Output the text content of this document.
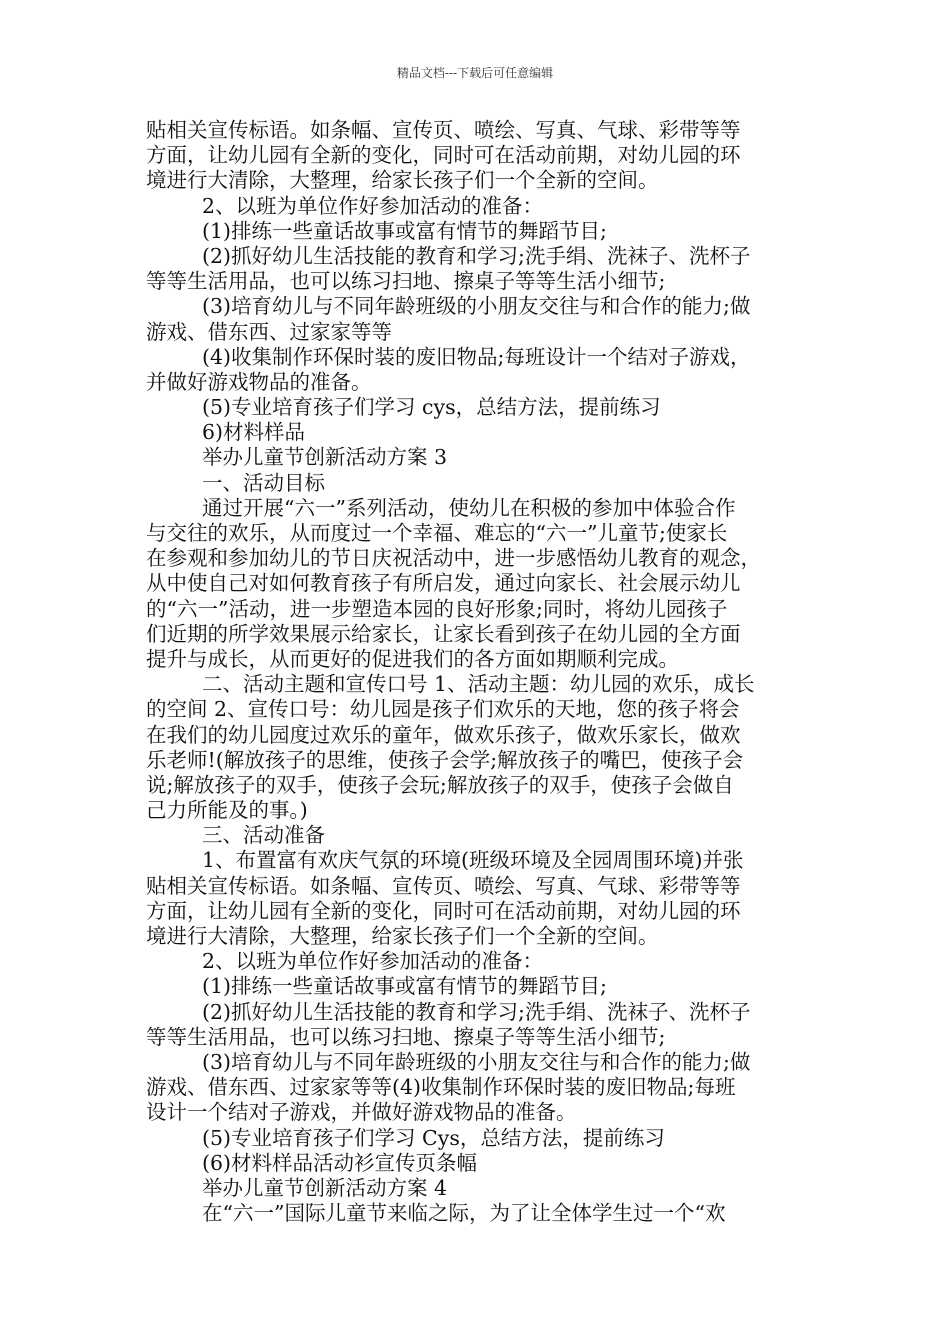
精品文档---下载后可任意编辑
贴相关宣传标语。如条幅、宣传页、喷绘、写真、气球、彩带等等
方面，让幼儿园有全新的变化，同时可在活动前期，对幼儿园的环
境进行大清除，大整理，给家长孩子们一个全新的空间。
2、以班为单位作好参加活动的准备：
(1)排练一些童话故事或富有情节的舞蹈节目;
(2)抓好幼儿生活技能的教育和学习;洗手绢、洗袜子、洗杯子
等等生活用品，也可以练习扫地、擦桌子等等生活小细节;
(3)培育幼儿与不同年龄班级的小朋友交往与和合作的能力;做
游戏、借东西、过家家等等
(4)收集制作环保时装的废旧物品;每班设计一个结对子游戏，
并做好游戏物品的准备。
(5)专业培育孩子们学习 cys，总结方法，提前练习
6)材料样品
举办儿童节创新活动方案 3
一、活动目标
通过开展“六一”系列活动，使幼儿在积极的参加中体验合作
与交往的欢乐，从而度过一个幸福、难忘的“六一”儿童节;使家长
在参观和参加幼儿的节日庆祝活动中，进一步感悟幼儿教育的观念，
从中使自己对如何教育孩子有所启发，通过向家长、社会展示幼儿
的“六一”活动，进一步塑造本园的良好形象;同时，将幼儿园孩子
们近期的所学效果展示给家长，让家长看到孩子在幼儿园的全方面
提升与成长，从而更好的促进我们的各方面如期顺利完成。
二、活动主题和宣传口号 1、活动主题：幼儿园的欢乐，成长
的空间 2、宣传口号：幼儿园是孩子们欢乐的天地，您的孩子将会
在我们的幼儿园度过欢乐的童年，做欢乐孩子，做欢乐家长，做欢
乐老师!(解放孩子的思维，使孩子会学;解放孩子的嘴巴，使孩子会
说;解放孩子的双手，使孩子会玩;解放孩子的双手，使孩子会做自
己力所能及的事。)
三、活动准备
1、布置富有欢庆气氛的环境(班级环境及全园周围环境)并张
贴相关宣传标语。如条幅、宣传页、喷绘、写真、气球、彩带等等
方面，让幼儿园有全新的变化，同时可在活动前期，对幼儿园的环
境进行大清除，大整理，给家长孩子们一个全新的空间。
2、以班为单位作好参加活动的准备：
(1)排练一些童话故事或富有情节的舞蹈节目;
(2)抓好幼儿生活技能的教育和学习;洗手绢、洗袜子、洗杯子
等等生活用品，也可以练习扫地、擦桌子等等生活小细节;
(3)培育幼儿与不同年龄班级的小朋友交往与和合作的能力;做
游戏、借东西、过家家等等(4)收集制作环保时装的废旧物品;每班
设计一个结对子游戏，并做好游戏物品的准备。
(5)专业培育孩子们学习 Cys，总结方法，提前练习
(6)材料样品活动衫宣传页条幅
举办儿童节创新活动方案 4
在“六一”国际儿童节来临之际，为了让全体学生过一个“欢
